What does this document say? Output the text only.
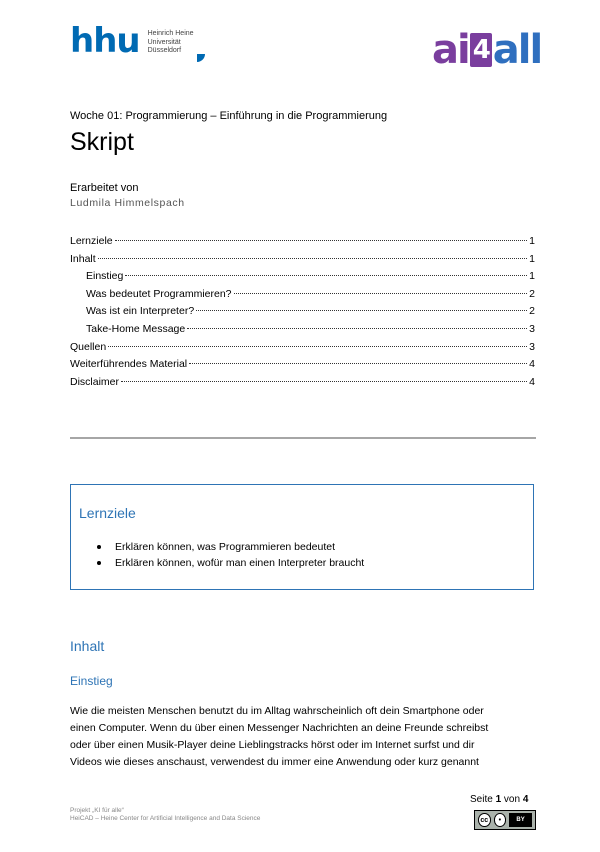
hhu Heinrich Heine
Universität
Düsseldorf	ai 4 all
Woche 01: Programmierung – Einführung in die Programmierung
Skript
Erarbeitet von
Ludmila Himmelspach
Lernziele	1
Inhalt	1
Einstieg	1
Was bedeutet Programmieren?	2
Was ist ein Interpreter?	2
Take-Home Message	3
Quellen	3
Weiterführendes Material	4
Disclaimer	4
Lernziele
Erklären können, was Programmieren bedeutet
Erklären können, wofür man einen Interpreter braucht
Inhalt
Einstieg
Wie die meisten Menschen benutzt du im Alltag wahrscheinlich oft dein Smartphone oder
einen Computer. Wenn du über einen Messenger Nachrichten an deine Freunde schreibst
oder über einen Musik-Player deine Lieblingstracks hörst oder im Internet surfst und dir
Videos wie dieses anschaust, verwendest du immer eine Anwendung oder kurz genannt
Projekt „KI für alle“
HeiCAD – Heine Center for Artificial Intelligence and Data Science
Seite 1 von 4
cc	•	BY
